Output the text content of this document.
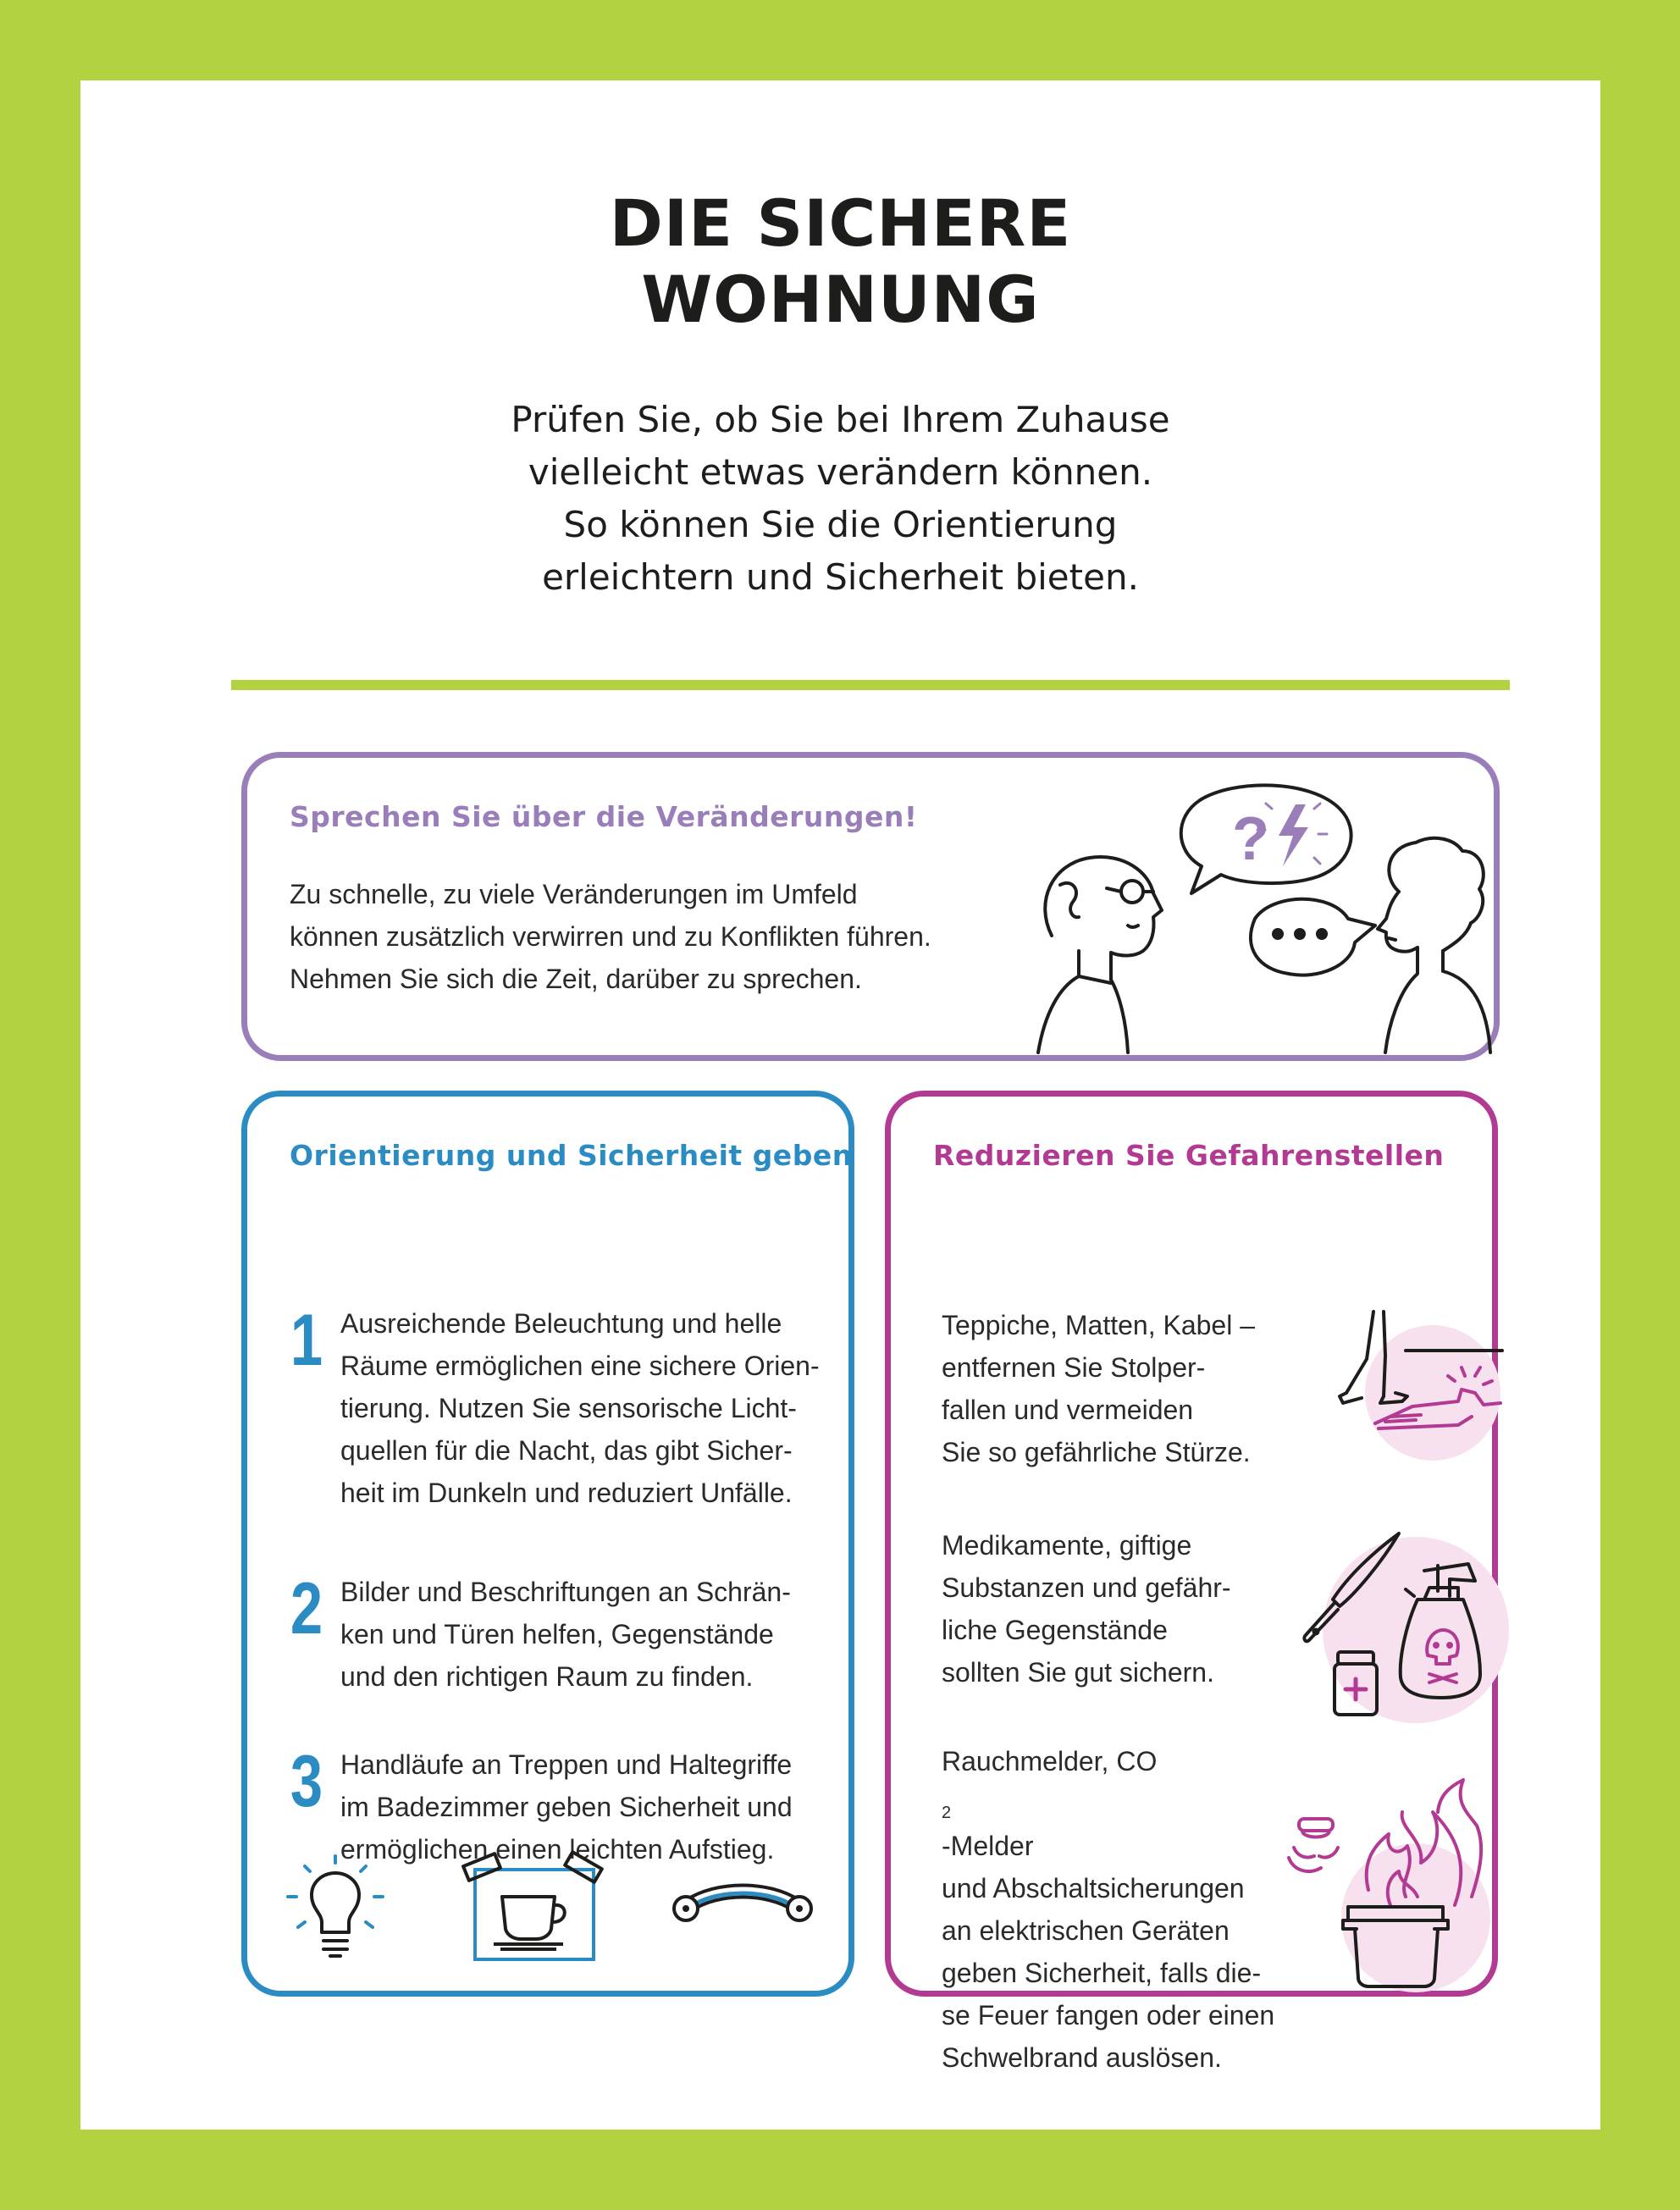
DIE SICHERE
WOHNUNG
Prüfen Sie, ob Sie bei Ihrem Zuhause
vielleicht etwas verändern können.
So können Sie die Orientierung
erleichtern und Sicherheit bieten.
Sprechen Sie über die Veränderungen!
Zu schnelle, zu viele Veränderungen im Umfeld
können zusätzlich verwirren und zu Konflikten führen.
Nehmen Sie sich die Zeit, darüber zu sprechen.
?
Orientierung und Sicherheit geben
1 Ausreichende Beleuchtung und helle
Räume ermöglichen eine sichere Orien-
tierung. Nutzen Sie sensorische Licht-
quellen für die Nacht, das gibt Sicher-
heit im Dunkeln und reduziert Unfälle.
2 Bilder und Beschriftungen an Schrän-
ken und Türen helfen, Gegenstände
und den richtigen Raum zu finden.
3 Handläufe an Treppen und Haltegriffe
im Badezimmer geben Sicherheit und
ermöglichen einen leichten Aufstieg.
Reduzieren Sie Gefahrenstellen
Teppiche, Matten, Kabel –
entfernen Sie Stolper-
fallen und vermeiden
Sie so gefährliche Stürze.
Medikamente, giftige
Substanzen und gefähr-
liche Gegenstände
sollten Sie gut sichern.
Rauchmelder, CO
$_2$
-Melder
und Abschaltsicherungen
an elektrischen Geräten
geben Sicherheit, falls die-
se Feuer fangen oder einen
Schwelbrand auslösen.
